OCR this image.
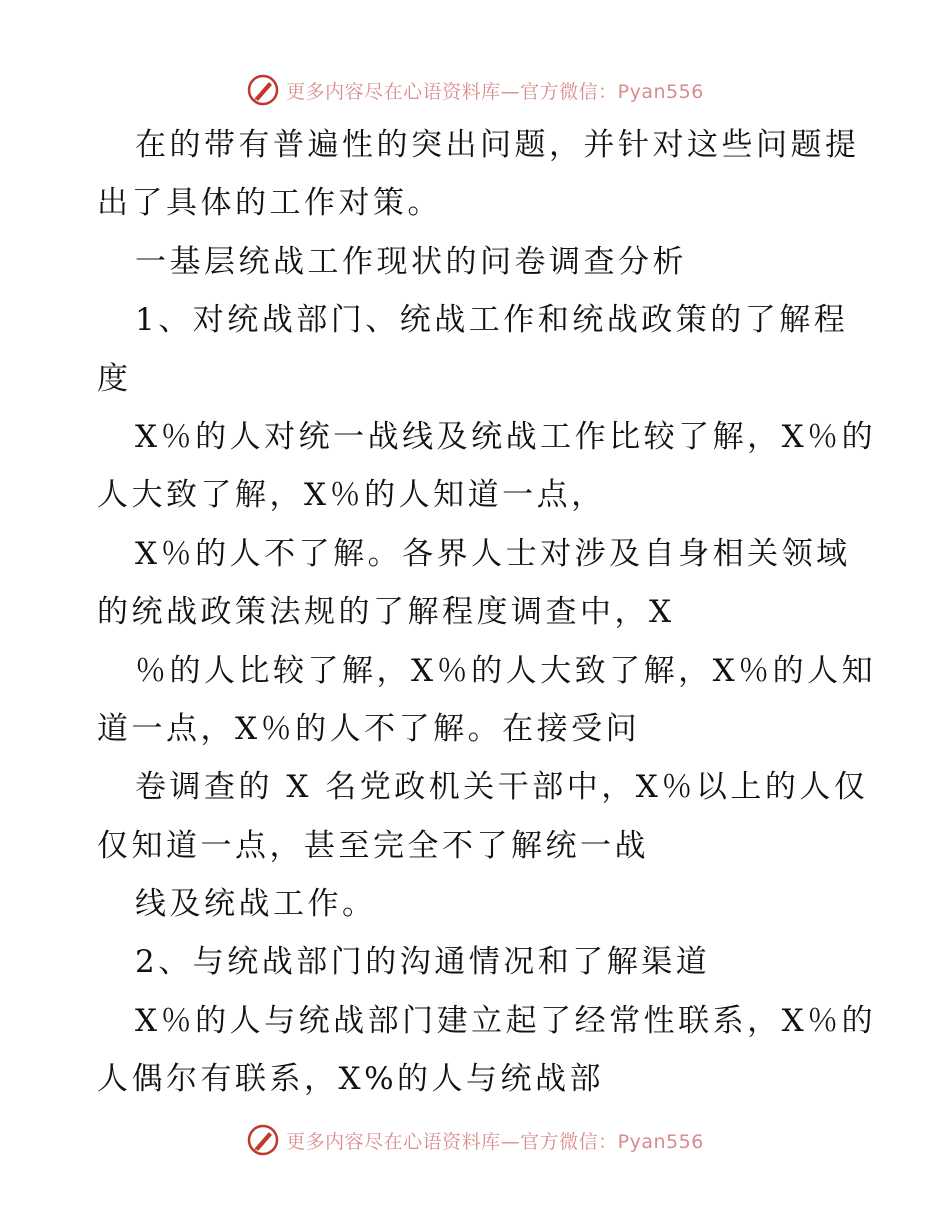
更多内容尽在心语资料库—官方微信：Pyan556
在的带有普遍性的突出问题，并针对这些问题提
出了具体的工作对策。
一基层统战工作现状的问卷调查分析
1、对统战部门、统战工作和统战政策的了解程
度
X％的人对统一战线及统战工作比较了解，X％的
人大致了解，X％的人知道一点，
X％的人不了解。各界人士对涉及自身相关领域
的统战政策法规的了解程度调查中，X
％的人比较了解，X％的人大致了解，X％的人知
道一点，X％的人不了解。在接受问
卷调查的 X 名党政机关干部中，X％以上的人仅
仅知道一点，甚至完全不了解统一战
线及统战工作。
2、与统战部门的沟通情况和了解渠道
X％的人与统战部门建立起了经常性联系，X％的
人偶尔有联系，X%的人与统战部
更多内容尽在心语资料库—官方微信：Pyan556
